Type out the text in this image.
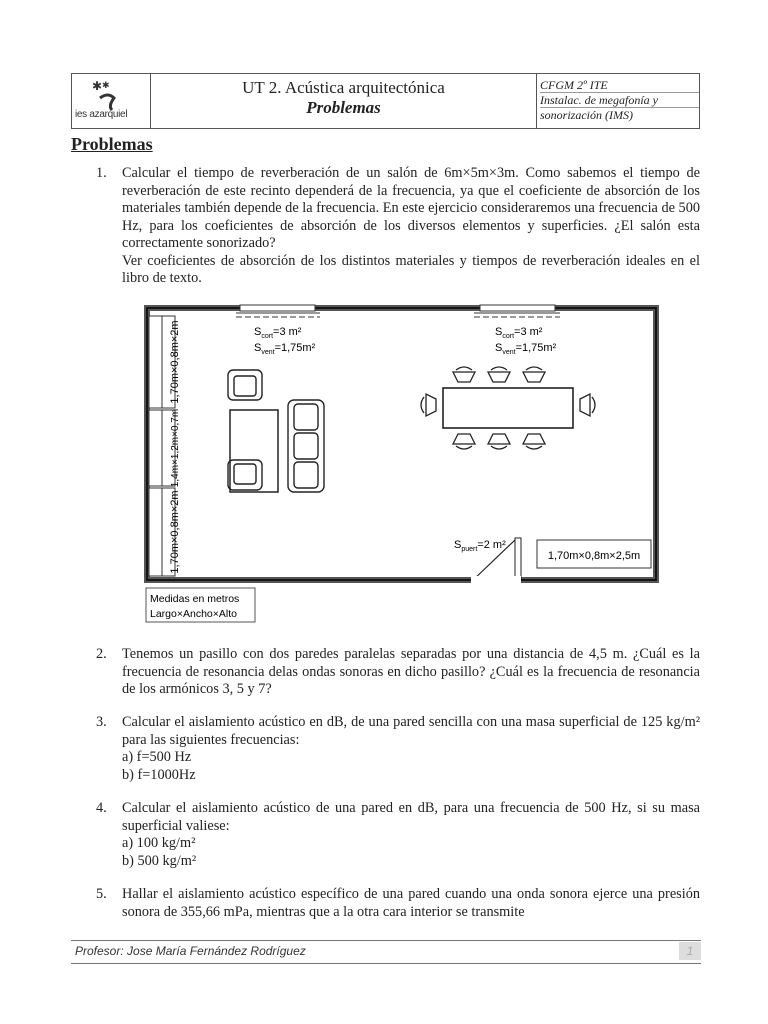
✱ ✱
ies azarquiel
UT 2. Acústica arquitectónica
Problemas
CFGM 2º ITE
Instalac. de megafonía y
sonorización (IMS)
Problemas
1. Calcular el tiempo de reverberación de un salón de 6m×5m×3m. Como sabemos el tiempo de reverberación de este recinto dependerá de la frecuencia, ya que el coeficiente de absorción de los materiales también depende de la frecuencia. En este ejercicio consideraremos una frecuencia de 500 Hz, para los coeficientes de absorción de los diversos elementos y superficies. ¿El salón esta correctamente sonorizado?

Ver coeficientes de absorción de los distintos materiales y tiempos de reverberación ideales en el libro de texto.

1,70m×0,8m×2m
1,4m×1,2m×0,7m
1,70m×0,8m×2m
$S_{cort}=3$ m²
$S_{vent}=1,75m^2$
$S_{cort}=3$ m²
$S_{vent}=1,75m^2$
$S_{puert}=2$ m²
1,70m×0,8m×2,5m
Medidas en metros
Largo×Ancho×Alto
2. Tenemos un pasillo con dos paredes paralelas separadas por una distancia de 4,5 m. ¿Cuál es la frecuencia de resonancia delas ondas sonoras en dicho pasillo? ¿Cuál es la frecuencia de resonancia de los armónicos 3, 5 y 7?

3. Calcular el aislamiento acústico en dB, de una pared sencilla con una masa superficial de 125 kg/m² para las siguientes frecuencias:

a) f=500 Hz

b) f=1000Hz

4. Calcular el aislamiento acústico de una pared en dB, para una frecuencia de 500 Hz, si su masa superficial valiese:

a) 100 kg/m²

b) 500 kg/m²

5. Hallar el aislamiento acústico específico de una pared cuando una onda sonora ejerce una presión sonora de 355,66 mPa, mientras que a la otra cara interior se transmite

Profesor: Jose María Fernández Rodríguez	1
